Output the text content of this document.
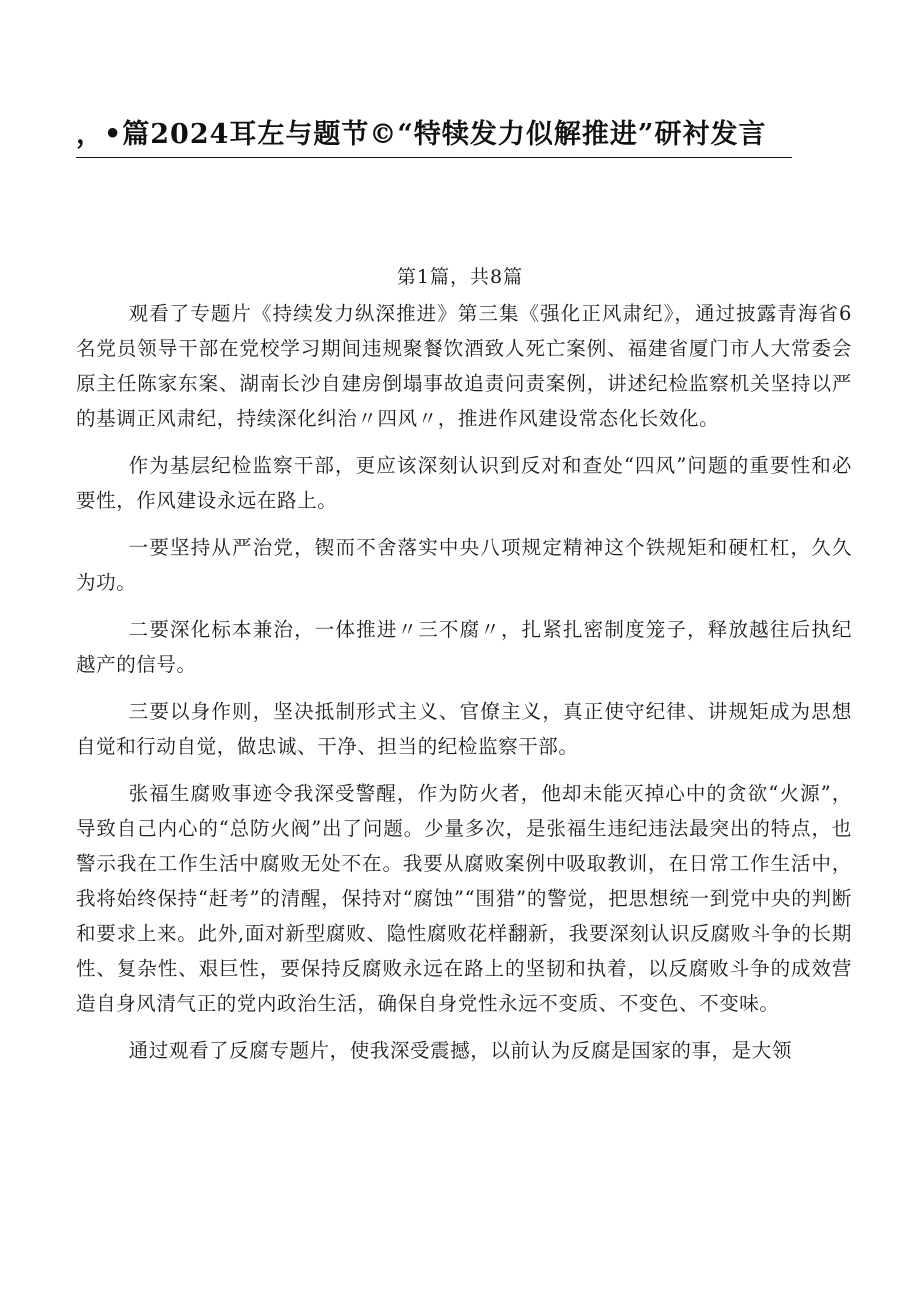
，•篇2024耳左与题节©“特犊发力似解推进”研衬发言
第1篇，共8篇

观看了专题片《持续发力纵深推进》第三集《强化正风肃纪》，通过披露青海省6名党员领导干部在党校学习期间违规聚餐饮酒致人死亡案例、福建省厦门市人大常委会原主任陈家东案、湖南长沙自建房倒塌事故追责问责案例，讲述纪检监察机关坚持以严的基调正风肃纪，持续深化纠治〃四风〃，推进作风建设常态化长效化。

作为基层纪检监察干部，更应该深刻认识到反对和查处“四风”问题的重要性和必要性，作风建设永远在路上。

一要坚持从严治党，锲而不舍落实中央八项规定精神这个铁规矩和硬杠杠，久久为功。

二要深化标本兼治，一体推进〃三不腐〃，扎紧扎密制度笼子，释放越往后执纪越产的信号。

三要以身作则，坚决抵制形式主义、官僚主义，真正使守纪律、讲规矩成为思想自觉和行动自觉，做忠诚、干净、担当的纪检监察干部。

张福生腐败事迹令我深受警醒，作为防火者，他却未能灭掉心中的贪欲“火源”，导致自己内心的“总防火阀”出了问题。少量多次，是张福生违纪违法最突出的特点，也警示我在工作生活中腐败无处不在。我要从腐败案例中吸取教训，在日常工作生活中，我将始终保持“赶考”的清醒，保持对“腐蚀”“围猎”的警觉，把思想统一到党中央的判断和要求上来。此外,面对新型腐败、隐性腐败花样翻新，我要深刻认识反腐败斗争的长期性、复杂性、艰巨性，要保持反腐败永远在路上的坚韧和执着，以反腐败斗争的成效营造自身风清气正的党内政治生活，确保自身党性永远不变质、不变色、不变味。

通过观看了反腐专题片，使我深受震撼，以前认为反腐是国家的事，是大领
